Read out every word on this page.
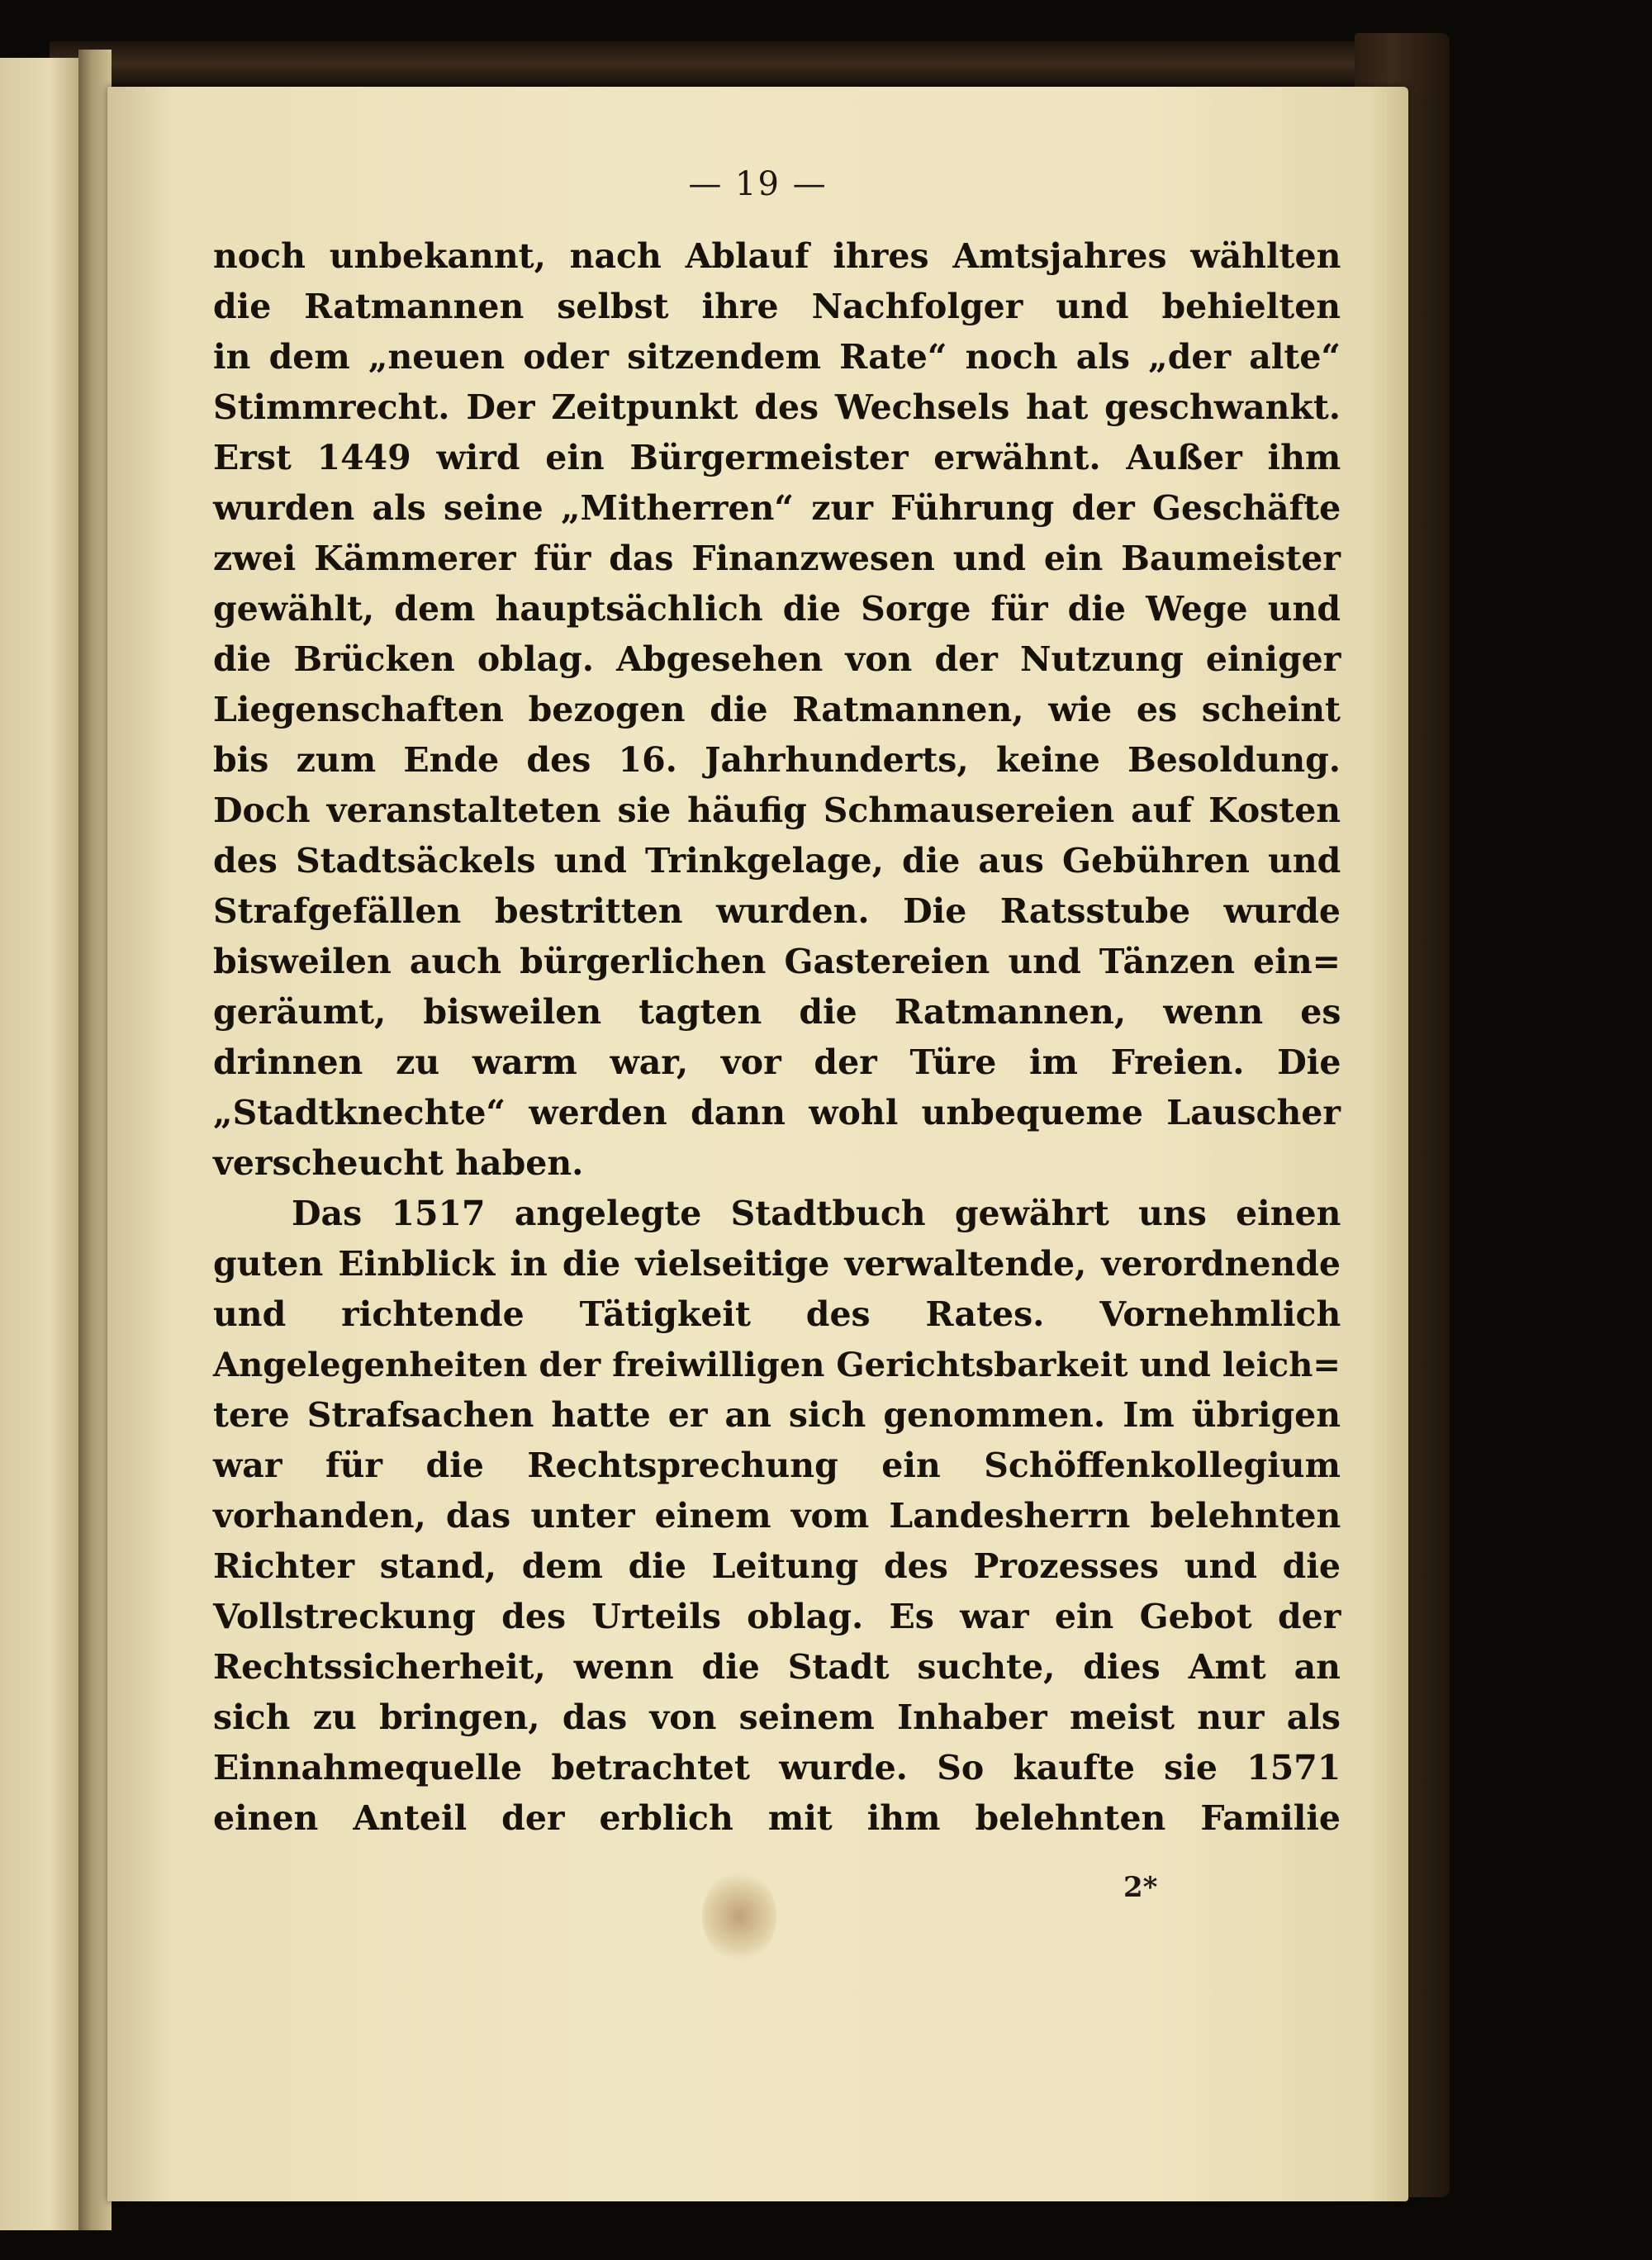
— 19 —
noch unbekannt, nach Ablauf ihres Amtsjahres wählten
die Ratmannen selbst ihre Nachfolger und behielten
in dem „neuen oder sitzendem Rate“ noch als „der alte“
Stimmrecht. Der Zeitpunkt des Wechsels hat geschwankt.
Erst 1449 wird ein Bürgermeister erwähnt. Außer ihm
wurden als seine „Mitherren“ zur Führung der Geschäfte
zwei Kämmerer für das Finanzwesen und ein Baumeister
gewählt, dem hauptsächlich die Sorge für die Wege und
die Brücken oblag. Abgesehen von der Nutzung einiger
Liegenschaften bezogen die Ratmannen, wie es scheint
bis zum Ende des 16. Jahrhunderts, keine Besoldung.
Doch veranstalteten sie häufig Schmausereien auf Kosten
des Stadtsäckels und Trinkgelage, die aus Gebühren und
Strafgefällen bestritten wurden. Die Ratsstube wurde
bisweilen auch bürgerlichen Gastereien und Tänzen ein=
geräumt, bisweilen tagten die Ratmannen, wenn es
drinnen zu warm war, vor der Türe im Freien. Die
„Stadtknechte“ werden dann wohl unbequeme Lauscher
verscheucht haben.
Das 1517 angelegte Stadtbuch gewährt uns einen
guten Einblick in die vielseitige verwaltende, verordnende
und richtende Tätigkeit des Rates. Vornehmlich
Angelegenheiten der freiwilligen Gerichtsbarkeit und leich=
tere Strafsachen hatte er an sich genommen. Im übrigen
war für die Rechtsprechung ein Schöffenkollegium
vorhanden, das unter einem vom Landesherrn belehnten
Richter stand, dem die Leitung des Prozesses und die
Vollstreckung des Urteils oblag. Es war ein Gebot der
Rechtssicherheit, wenn die Stadt suchte, dies Amt an
sich zu bringen, das von seinem Inhaber meist nur als
Einnahmequelle betrachtet wurde. So kaufte sie 1571
einen Anteil der erblich mit ihm belehnten Familie
2*
